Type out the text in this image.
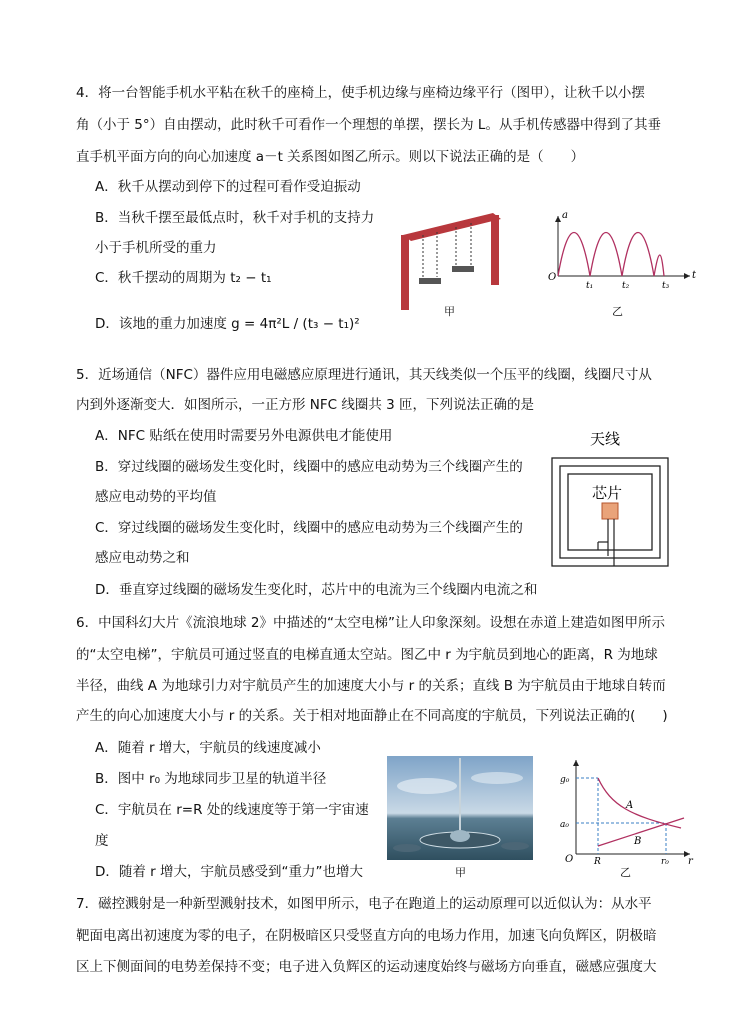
4．将一台智能手机水平粘在秋千的座椅上，使手机边缘与座椅边缘平行（图甲），让秋千以小摆
角（小于 5°）自由摆动，此时秋千可看作一个理想的单摆，摆长为 L。从手机传感器中得到了其垂
直手机平面方向的向心加速度 a－t 关系图如图乙所示。则以下说法正确的是（　　）
A．秋千从摆动到停下的过程可看作受迫振动
B．当秋千摆至最低点时，秋千对手机的支持力
小于手机所受的重力
C．秋千摆动的周期为 t₂ − t₁
D．该地的重力加速度 g = 4π²L / (t₃ − t₁)²
甲
a
t
O
t₁	t₂	t₃
乙
5．近场通信（NFC）器件应用电磁感应原理进行通讯，其天线类似一个压平的线圈，线圈尺寸从
内到外逐渐变大．如图所示，一正方形 NFC 线圈共 3 匝，下列说法正确的是
A．NFC 贴纸在使用时需要另外电源供电才能使用
B．穿过线圈的磁场发生变化时，线圈中的感应电动势为三个线圈产生的
感应电动势的平均值
C．穿过线圈的磁场发生变化时，线圈中的感应电动势为三个线圈产生的
感应电动势之和
D．垂直穿过线圈的磁场发生变化时，芯片中的电流为三个线圈内电流之和
天线
芯片
6．中国科幻大片《流浪地球 2》中描述的“太空电梯”让人印象深刻。设想在赤道上建造如图甲所示
的“太空电梯”，宇航员可通过竖直的电梯直通太空站。图乙中 r 为宇航员到地心的距离，R 为地球
半径，曲线 A 为地球引力对宇航员产生的加速度大小与 r 的关系；直线 B 为宇航员由于地球自转而
产生的向心加速度大小与 r 的关系。关于相对地面静止在不同高度的宇航员，下列说法正确的(　　)
A．随着 r 增大，宇航员的线速度减小
B．图中 r₀ 为地球同步卫星的轨道半径
C．宇航员在 r=R 处的线速度等于第一宇宙速
度
D．随着 r 增大，宇航员感受到“重力”也增大	甲
g₀
a₀
O R	r₀ r
A
B
乙
7．磁控溅射是一种新型溅射技术，如图甲所示，电子在跑道上的运动原理可以近似认为：从水平
靶面电离出初速度为零的电子，在阴极暗区只受竖直方向的电场力作用，加速飞向负辉区，阴极暗
区上下侧面间的电势差保持不变；电子进入负辉区的运动速度始终与磁场方向垂直，磁感应强度大
